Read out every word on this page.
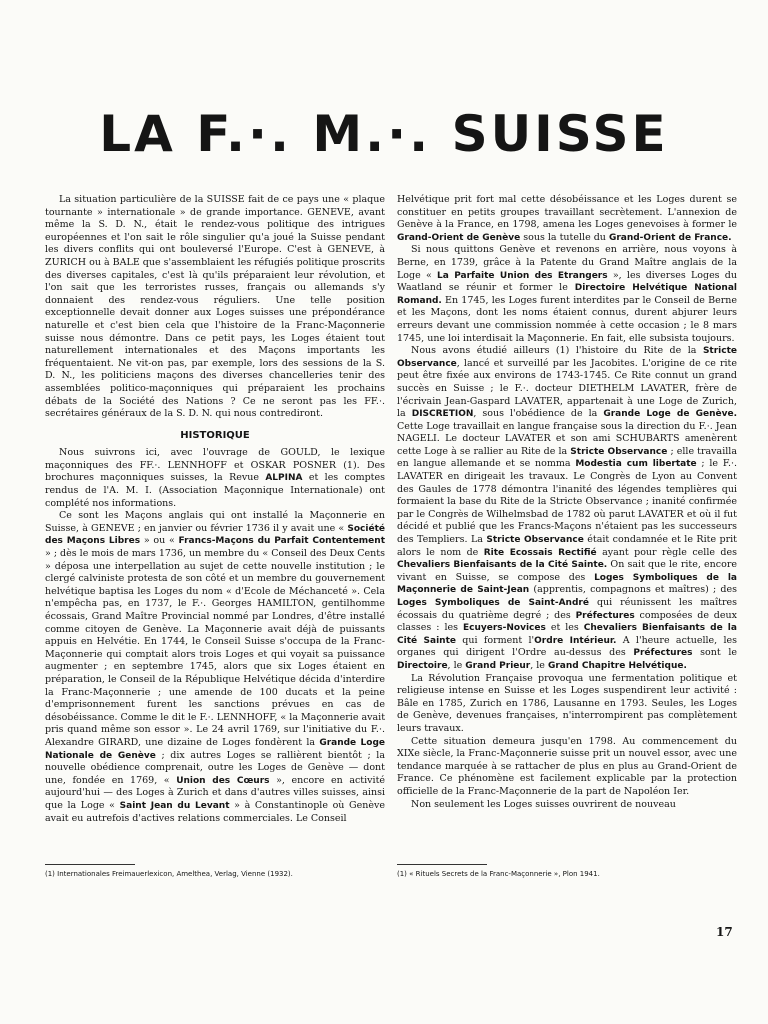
LA F.·. M.·. SUISSE

La situation particulière de la SUISSE fait de ce pays une « plaque tournante » internationale » de grande importance. GENEVE, avant même la S. D. N., était le rendez-vous politique des intrigues européennes et l'on sait le rôle singulier qu'a joué la Suisse pendant les divers conflits qui ont bouleversé l'Europe. C'est à GENEVE, à ZURICH ou à BALE que s'assemblaient les réfugiés politique proscrits des diverses capitales, c'est là qu'ils préparaient leur révolution, et l'on sait que les terroristes russes, français ou allemands s'y donnaient des rendez-vous réguliers. Une telle position exceptionnelle devait donner aux Loges suisses une prépondérance naturelle et c'est bien cela que l'histoire de la Franc-Maçonnerie suisse nous démontre. Dans ce petit pays, les Loges étaient tout naturellement internationales et des Maçons importants les fréquentaient. Ne vit-on pas, par exemple, lors des sessions de la S. D. N., les politiciens maçons des diverses chancelleries tenir des assemblées politico-maçonniques qui préparaient les prochains débats de la Société des Nations ? Ce ne seront pas les FF.·. secrétaires généraux de la S. D. N. qui nous contrediront.

HISTORIQUE

Nous suivrons ici, avec l'ouvrage de GOULD, le lexique maçonniques des FF.·. LENNHOFF et OSKAR POSNER (1). Des brochures maçonniques suisses, la Revue ALPINA et les comptes rendus de l'A. M. I. (Association Maçonnique Internationale) ont complété nos informations.

Ce sont les Maçons anglais qui ont installé la Maçonnerie en Suisse, à GENEVE ; en janvier ou février 1736 il y avait une « Société des Maçons Libres » ou « Francs-Maçons du Parfait Contentement » ; dès le mois de mars 1736, un membre du « Conseil des Deux Cents » déposa une interpellation au sujet de cette nouvelle institution ; le clergé calviniste protesta de son côté et un membre du gouvernement helvétique baptisa les Loges du nom « d'Ecole de Méchanceté ». Cela n'empêcha pas, en 1737, le F.·. Georges HAMILTON, gentilhomme écossais, Grand Maître Provincial nommé par Londres, d'être installé comme citoyen de Genève. La Maçonnerie avait déjà de puissants appuis en Helvétie. En 1744, le Conseil Suisse s'occupa de la Franc-Maçonnerie qui comptait alors trois Loges et qui voyait sa puissance augmenter ; en septembre 1745, alors que six Loges étaient en préparation, le Conseil de la République Helvétique décida d'interdire la Franc-Maçonnerie ; une amende de 100 ducats et la peine d'emprisonnement furent les sanctions prévues en cas de désobéissance. Comme le dit le F.·. LENNHOFF, « la Maçonnerie avait pris quand même son essor ». Le 24 avril 1769, sur l'initiative du F.·. Alexandre GIRARD, une dizaine de Loges fondèrent la Grande Loge Nationale de Genève ; dix autres Loges se rallièrent bientôt ; la nouvelle obédience comprenait, outre les Loges de Genève — dont une, fondée en 1769, « Union des Cœurs », encore en activité aujourd'hui — des Loges à Zurich et dans d'autres villes suisses, ainsi que la Loge « Saint Jean du Levant » à Constantinople où Genève avait eu autrefois d'actives relations commerciales. Le Conseil

Helvétique prit fort mal cette désobéissance et les Loges durent se constituer en petits groupes travaillant secrètement. L'annexion de Genève à la France, en 1798, amena les Loges genevoises à former le Grand-Orient de Genève sous la tutelle du Grand-Orient de France.

Si nous quittons Genève et revenons en arrière, nous voyons à Berne, en 1739, grâce à la Patente du Grand Maître anglais de la Loge « La Parfaite Union des Etrangers », les diverses Loges du Waatland se réunir et former le Directoire Helvétique National Romand. En 1745, les Loges furent interdites par le Conseil de Berne et les Maçons, dont les noms étaient connus, durent abjurer leurs erreurs devant une commission nommée à cette occasion ; le 8 mars 1745, une loi interdisait la Maçonnerie. En fait, elle subsista toujours.

Nous avons étudié ailleurs (1) l'histoire du Rite de la Stricte Observance, lancé et surveillé par les Jacobites. L'origine de ce rite peut être fixée aux environs de 1743-1745. Ce Rite connut un grand succès en Suisse ; le F.·. docteur DIETHELM LAVATER, frère de l'écrivain Jean-Gaspard LAVATER, appartenait à une Loge de Zurich, la DISCRETION, sous l'obédience de la Grande Loge de Genève. Cette Loge travaillait en langue française sous la direction du F.·. Jean NAGELI. Le docteur LAVATER et son ami SCHUBARTS amenèrent cette Loge à se rallier au Rite de la Stricte Observance ; elle travailla en langue allemande et se nomma Modestia cum libertate ; le F.·. LAVATER en dirigeait les travaux. Le Congrès de Lyon au Convent des Gaules de 1778 démontra l'inanité des légendes templières qui formaient la base du Rite de la Stricte Observance ; inanité confirmée par le Congrès de Wilhelmsbad de 1782 où parut LAVATER et où il fut décidé et publié que les Francs-Maçons n'étaient pas les successeurs des Templiers. La Stricte Observance était condamnée et le Rite prit alors le nom de Rite Ecossais Rectifié ayant pour règle celle des Chevaliers Bienfaisants de la Cité Sainte. On sait que le rite, encore vivant en Suisse, se compose des Loges Symboliques de la Maçonnerie de Saint-Jean (apprentis, compagnons et maîtres) ; des Loges Symboliques de Saint-André qui réunissent les maîtres écossais du quatrième degré ; des Préfectures composées de deux classes : les Ecuyers-Novices et les Chevaliers Bienfaisants de la Cité Sainte qui forment l'Ordre Intérieur. A l'heure actuelle, les organes qui dirigent l'Ordre au-dessus des Préfectures sont le Directoire, le Grand Prieur, le Grand Chapitre Helvétique.

La Révolution Française provoqua une fermentation politique et religieuse intense en Suisse et les Loges suspendirent leur activité : Bâle en 1785, Zurich en 1786, Lausanne en 1793. Seules, les Loges de Genève, devenues françaises, n'interrompirent pas complètement leurs travaux.

Cette situation demeura jusqu'en 1798. Au commencement du XIXe siècle, la Franc-Maçonnerie suisse prit un nouvel essor, avec une tendance marquée à se rattacher de plus en plus au Grand-Orient de France. Ce phénomène est facilement explicable par la protection officielle de la Franc-Maçonnerie de la part de Napoléon Ier.

Non seulement les Loges suisses ouvrirent de nouveau

(1) Internationales Freimauerlexicon, Amelthea, Verlag, Vienne (1932).	(1) « Rituels Secrets de la Franc-Maçonnerie », Plon 1941.
17
